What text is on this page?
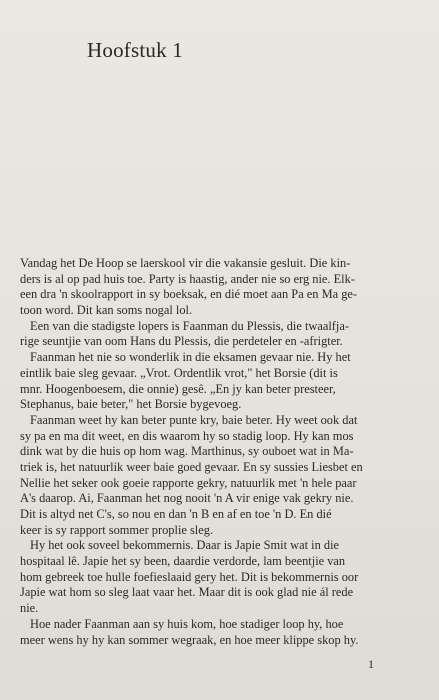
Hoofstuk 1
Vandag het De Hoop se laerskool vir die vakansie gesluit. Die kin-
ders is al op pad huis toe. Party is haastig, ander nie so erg nie. Elk-
een dra 'n skoolrapport in sy boeksak, en dié moet aan Pa en Ma ge-
toon word. Dit kan soms nogal lol.
Een van die stadigste lopers is Faanman du Plessis, die twaalfja-
rige seuntjie van oom Hans du Plessis, die perdeteler en -afrigter.
Faanman het nie so wonderlik in die eksamen gevaar nie. Hy het
eintlik baie sleg gevaar. „Vrot. Ordentlik vrot," het Borsie (dit is
mnr. Hoogenboesem, die onnie) gesê. „En jy kan beter presteer,
Stephanus, baie beter," het Borsie bygevoeg.
Faanman weet hy kan beter punte kry, baie beter. Hy weet ook dat
sy pa en ma dit weet, en dis waarom hy so stadig loop. Hy kan mos
dink wat by die huis op hom wag. Marthinus, sy ouboet wat in Ma-
triek is, het natuurlik weer baie goed gevaar. En sy sussies Liesbet en
Nellie het seker ook goeie rapporte gekry, natuurlik met 'n hele paar
A's daarop. Ai, Faanman het nog nooit 'n A vir enige vak gekry nie.
Dit is altyd net C's, so nou en dan 'n B en af en toe 'n D. En dié
keer is sy rapport sommer proplie sleg.
Hy het ook soveel bekommernis. Daar is Japie Smit wat in die
hospitaal lê. Japie het sy been, daardie verdorde, lam beentjie van
hom gebreek toe hulle foefieslaaid gery het. Dit is bekommernis oor
Japie wat hom so sleg laat vaar het. Maar dit is ook glad nie ál rede
nie.
Hoe nader Faanman aan sy huis kom, hoe stadiger loop hy, hoe
meer wens hy hy kan sommer wegraak, en hoe meer klippe skop hy.
1
